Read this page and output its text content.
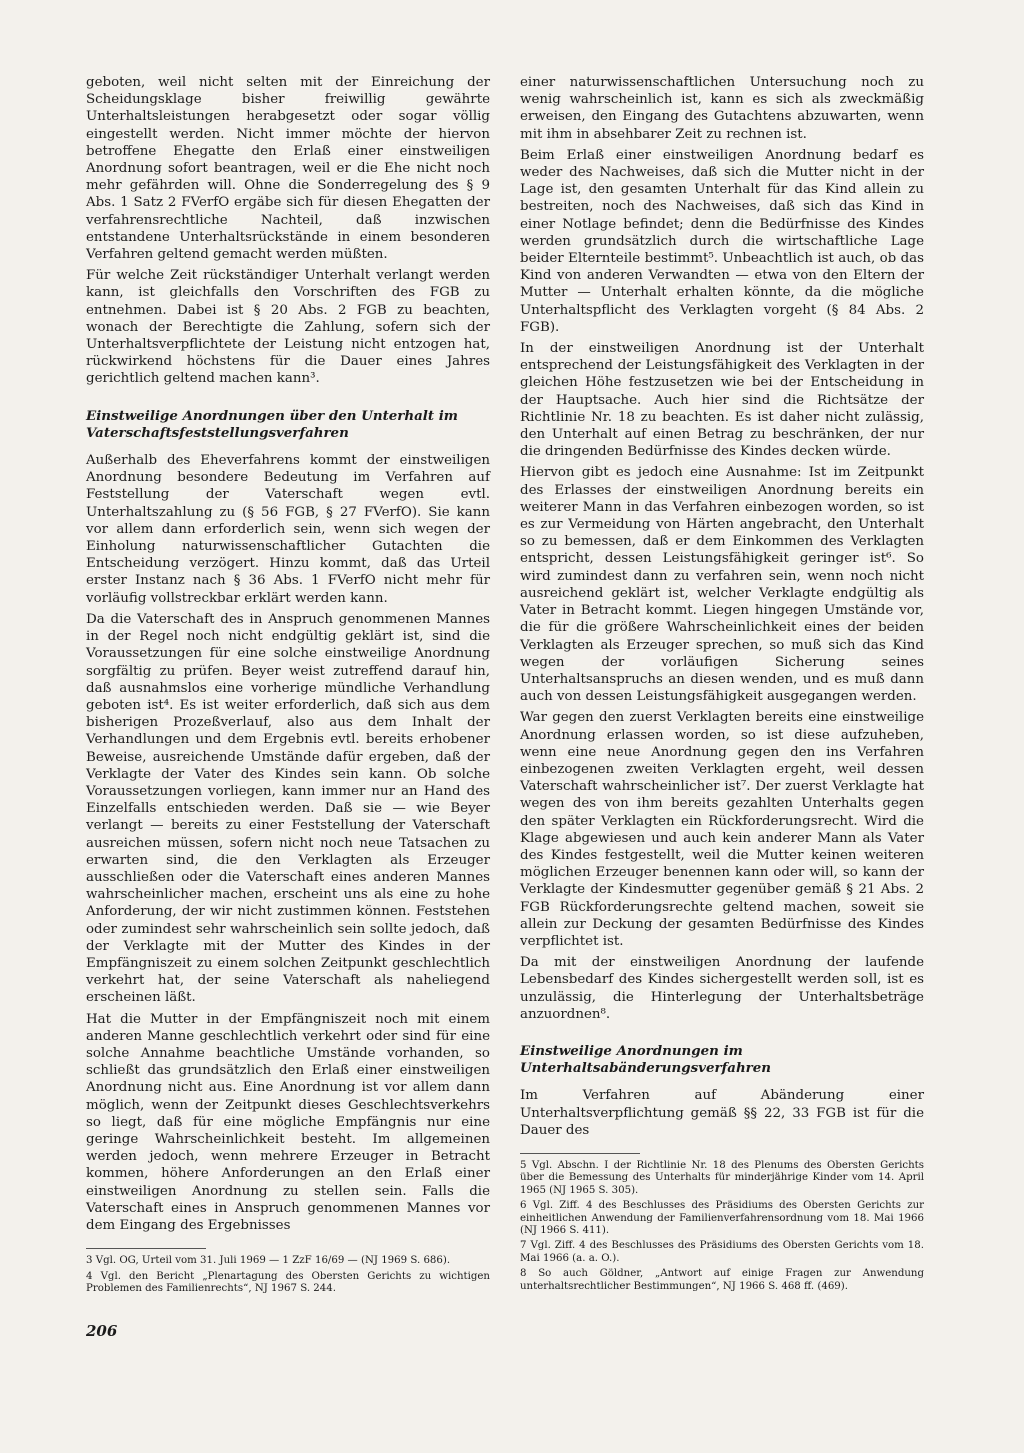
geboten, weil nicht selten mit der Einreichung der Scheidungsklage bisher freiwillig gewährte Unterhaltsleistungen herabgesetzt oder sogar völlig eingestellt werden. Nicht immer möchte der hiervon betroffene Ehegatte den Erlaß einer einstweiligen Anordnung sofort beantragen, weil er die Ehe nicht noch mehr gefährden will. Ohne die Sonderregelung des § 9 Abs. 1 Satz 2 FVerfO ergäbe sich für diesen Ehegatten der verfahrensrechtliche Nachteil, daß inzwischen entstandene Unterhaltsrückstände in einem besonderen Verfahren geltend gemacht werden müßten.

Für welche Zeit rückständiger Unterhalt verlangt werden kann, ist gleichfalls den Vorschriften des FGB zu entnehmen. Dabei ist § 20 Abs. 2 FGB zu beachten, wonach der Berechtigte die Zahlung, sofern sich der Unterhaltsverpflichtete der Leistung nicht entzogen hat, rückwirkend höchstens für die Dauer eines Jahres gerichtlich geltend machen kann³.

Einstweilige Anordnungen über den Unterhalt im Vaterschaftsfeststellungsverfahren

Außerhalb des Eheverfahrens kommt der einstweiligen Anordnung besondere Bedeutung im Verfahren auf Feststellung der Vaterschaft wegen evtl. Unterhaltszahlung zu (§ 56 FGB, § 27 FVerfO). Sie kann vor allem dann erforderlich sein, wenn sich wegen der Einholung naturwissenschaftlicher Gutachten die Entscheidung verzögert. Hinzu kommt, daß das Urteil erster Instanz nach § 36 Abs. 1 FVerfO nicht mehr für vorläufig vollstreckbar erklärt werden kann.

Da die Vaterschaft des in Anspruch genommenen Mannes in der Regel noch nicht endgültig geklärt ist, sind die Voraussetzungen für eine solche einstweilige Anordnung sorgfältig zu prüfen. Beyer weist zutreffend darauf hin, daß ausnahmslos eine vorherige mündliche Verhandlung geboten ist⁴. Es ist weiter erforderlich, daß sich aus dem bisherigen Prozeßverlauf, also aus dem Inhalt der Verhandlungen und dem Ergebnis evtl. bereits erhobener Beweise, ausreichende Umstände dafür ergeben, daß der Verklagte der Vater des Kindes sein kann. Ob solche Voraussetzungen vorliegen, kann immer nur an Hand des Einzelfalls entschieden werden. Daß sie — wie Beyer verlangt — bereits zu einer Feststellung der Vaterschaft ausreichen müssen, sofern nicht noch neue Tatsachen zu erwarten sind, die den Verklagten als Erzeuger ausschließen oder die Vaterschaft eines anderen Mannes wahrscheinlicher machen, erscheint uns als eine zu hohe Anforderung, der wir nicht zustimmen können. Feststehen oder zumindest sehr wahrscheinlich sein sollte jedoch, daß der Verklagte mit der Mutter des Kindes in der Empfängniszeit zu einem solchen Zeitpunkt geschlechtlich verkehrt hat, der seine Vaterschaft als naheliegend erscheinen läßt.

Hat die Mutter in der Empfängniszeit noch mit einem anderen Manne geschlechtlich verkehrt oder sind für eine solche Annahme beachtliche Umstände vorhanden, so schließt das grundsätzlich den Erlaß einer einstweiligen Anordnung nicht aus. Eine Anordnung ist vor allem dann möglich, wenn der Zeitpunkt dieses Geschlechtsverkehrs so liegt, daß für eine mögliche Empfängnis nur eine geringe Wahrscheinlichkeit besteht. Im allgemeinen werden jedoch, wenn mehrere Erzeuger in Betracht kommen, höhere Anforderungen an den Erlaß einer einstweiligen Anordnung zu stellen sein. Falls die Vaterschaft eines in Anspruch genommenen Mannes vor dem Eingang des Ergebnisses

3 Vgl. OG, Urteil vom 31. Juli 1969 — 1 ZzF 16/69 — (NJ 1969 S. 686).

4 Vgl. den Bericht „Plenartagung des Obersten Gerichts zu wichtigen Problemen des Familienrechts“, NJ 1967 S. 244.

einer naturwissenschaftlichen Untersuchung noch zu wenig wahrscheinlich ist, kann es sich als zweckmäßig erweisen, den Eingang des Gutachtens abzuwarten, wenn mit ihm in absehbarer Zeit zu rechnen ist.

Beim Erlaß einer einstweiligen Anordnung bedarf es weder des Nachweises, daß sich die Mutter nicht in der Lage ist, den gesamten Unterhalt für das Kind allein zu bestreiten, noch des Nachweises, daß sich das Kind in einer Notlage befindet; denn die Bedürfnisse des Kindes werden grundsätzlich durch die wirtschaftliche Lage beider Elternteile bestimmt⁵. Unbeachtlich ist auch, ob das Kind von anderen Verwandten — etwa von den Eltern der Mutter — Unterhalt erhalten könnte, da die mögliche Unterhaltspflicht des Verklagten vorgeht (§ 84 Abs. 2 FGB).

In der einstweiligen Anordnung ist der Unterhalt entsprechend der Leistungsfähigkeit des Verklagten in der gleichen Höhe festzusetzen wie bei der Entscheidung in der Hauptsache. Auch hier sind die Richtsätze der Richtlinie Nr. 18 zu beachten. Es ist daher nicht zulässig, den Unterhalt auf einen Betrag zu beschränken, der nur die dringenden Bedürfnisse des Kindes decken würde.

Hiervon gibt es jedoch eine Ausnahme: Ist im Zeitpunkt des Erlasses der einstweiligen Anordnung bereits ein weiterer Mann in das Verfahren einbezogen worden, so ist es zur Vermeidung von Härten angebracht, den Unterhalt so zu bemessen, daß er dem Einkommen des Verklagten entspricht, dessen Leistungsfähigkeit geringer ist⁶. So wird zumindest dann zu verfahren sein, wenn noch nicht ausreichend geklärt ist, welcher Verklagte endgültig als Vater in Betracht kommt. Liegen hingegen Umstände vor, die für die größere Wahrscheinlichkeit eines der beiden Verklagten als Erzeuger sprechen, so muß sich das Kind wegen der vorläufigen Sicherung seines Unterhaltsanspruchs an diesen wenden, und es muß dann auch von dessen Leistungsfähigkeit ausgegangen werden.

War gegen den zuerst Verklagten bereits eine einstweilige Anordnung erlassen worden, so ist diese aufzuheben, wenn eine neue Anordnung gegen den ins Verfahren einbezogenen zweiten Verklagten ergeht, weil dessen Vaterschaft wahrscheinlicher ist⁷. Der zuerst Verklagte hat wegen des von ihm bereits gezahlten Unterhalts gegen den später Verklagten ein Rückforderungsrecht. Wird die Klage abgewiesen und auch kein anderer Mann als Vater des Kindes festgestellt, weil die Mutter keinen weiteren möglichen Erzeuger benennen kann oder will, so kann der Verklagte der Kindesmutter gegenüber gemäß § 21 Abs. 2 FGB Rückforderungsrechte geltend machen, soweit sie allein zur Deckung der gesamten Bedürfnisse des Kindes verpflichtet ist.

Da mit der einstweiligen Anordnung der laufende Lebensbedarf des Kindes sichergestellt werden soll, ist es unzulässig, die Hinterlegung der Unterhaltsbeträge anzuordnen⁸.

Einstweilige Anordnungen im Unterhaltsabänderungsverfahren

Im Verfahren auf Abänderung einer Unterhaltsverpflichtung gemäß §§ 22, 33 FGB ist für die Dauer des

5 Vgl. Abschn. I der Richtlinie Nr. 18 des Plenums des Obersten Gerichts über die Bemessung des Unterhalts für minderjährige Kinder vom 14. April 1965 (NJ 1965 S. 305).

6 Vgl. Ziff. 4 des Beschlusses des Präsidiums des Obersten Gerichts zur einheitlichen Anwendung der Familienverfahrensordnung vom 18. Mai 1966 (NJ 1966 S. 411).

7 Vgl. Ziff. 4 des Beschlusses des Präsidiums des Obersten Gerichts vom 18. Mai 1966 (a. a. O.).

8 So auch Göldner, „Antwort auf einige Fragen zur Anwendung unterhaltsrechtlicher Bestimmungen“, NJ 1966 S. 468 ff. (469).

206
